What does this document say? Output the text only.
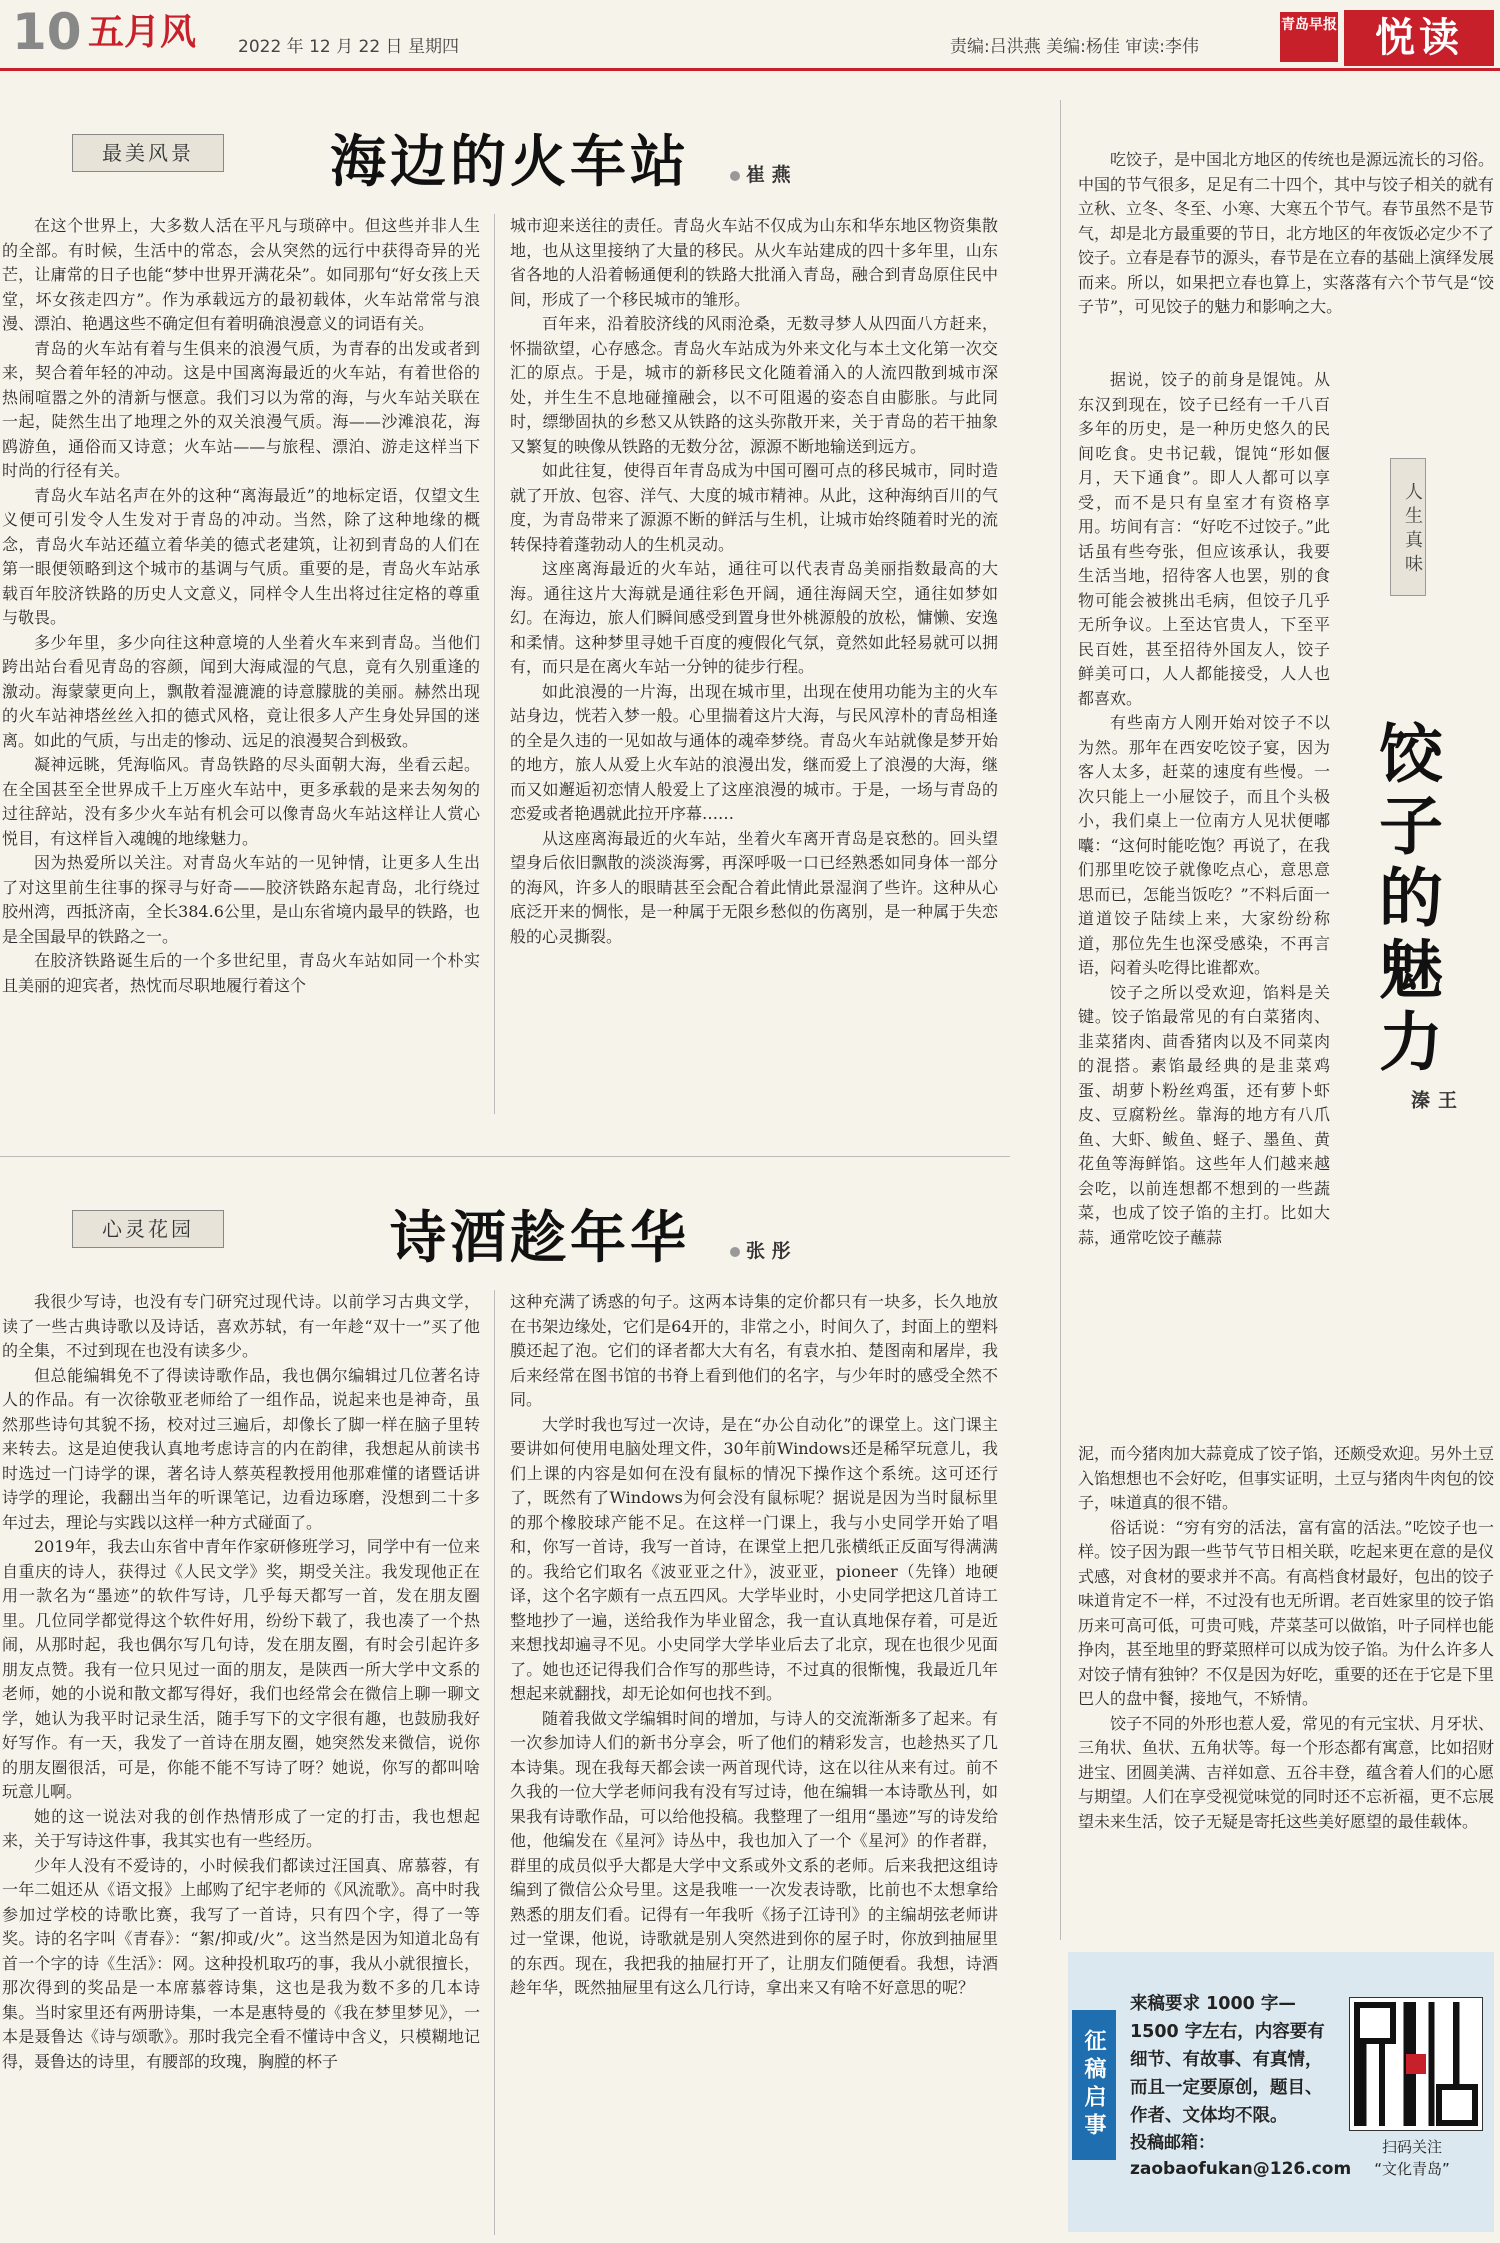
10 五月风 2022 年 12 月 22 日 星期四	责编:吕洪燕 美编:杨佳 审读:李伟
青岛早报 悦读
最美风景	海边的火车站	崔 燕

在这个世界上，大多数人活在平凡与琐碎中。但这些并非人生的全部。有时候，生活中的常态，会从突然的远行中获得奇异的光芒，让庸常的日子也能“梦中世界开满花朵”。如同那句“好女孩上天堂，坏女孩走四方”。作为承载远方的最初载体，火车站常常与浪漫、漂泊、艳遇这些不确定但有着明确浪漫意义的词语有关。

青岛的火车站有着与生俱来的浪漫气质，为青春的出发或者到来，契合着年轻的冲动。这是中国离海最近的火车站，有着世俗的热闹喧嚣之外的清新与惬意。我们习以为常的海，与火车站关联在一起，陡然生出了地理之外的双关浪漫气质。海——沙滩浪花，海鸥游鱼，通俗而又诗意；火车站——与旅程、漂泊、游走这样当下时尚的行径有关。

青岛火车站名声在外的这种“离海最近”的地标定语，仅望文生义便可引发令人生发对于青岛的冲动。当然，除了这种地缘的概念，青岛火车站还蕴立着华美的德式老建筑，让初到青岛的人们在第一眼便领略到这个城市的基调与气质。重要的是，青岛火车站承载百年胶济铁路的历史人文意义，同样令人生出将过往定格的尊重与敬畏。

多少年里，多少向往这种意境的人坐着火车来到青岛。当他们跨出站台看见青岛的容颜，闻到大海咸湿的气息，竟有久别重逢的激动。海蒙蒙更向上，飘散着湿漉漉的诗意朦胧的美丽。赫然出现的火车站神塔丝丝入扣的德式风格，竟让很多人产生身处异国的迷离。如此的气质，与出走的惨动、远足的浪漫契合到极致。

凝神远眺，凭海临风。青岛铁路的尽头面朝大海，坐看云起。在全国甚至全世界成千上万座火车站中，更多承载的是来去匆匆的过往辞站，没有多少火车站有机会可以像青岛火车站这样让人赏心悦目，有这样旨入魂魄的地缘魅力。

因为热爱所以关注。对青岛火车站的一见钟情，让更多人生出了对这里前生往事的探寻与好奇——胶济铁路东起青岛，北行绕过胶州湾，西抵济南，全长384.6公里，是山东省境内最早的铁路，也是全国最早的铁路之一。

在胶济铁路诞生后的一个多世纪里，青岛火车站如同一个朴实且美丽的迎宾者，热忱而尽职地履行着这个

城市迎来送往的责任。青岛火车站不仅成为山东和华东地区物资集散地，也从这里接纳了大量的移民。从火车站建成的四十多年里，山东省各地的人沿着畅通便利的铁路大批涌入青岛，融合到青岛原住民中间，形成了一个移民城市的雏形。

百年来，沿着胶济线的风雨沧桑，无数寻梦人从四面八方赶来，怀揣欲望，心存感念。青岛火车站成为外来文化与本土文化第一次交汇的原点。于是，城市的新移民文化随着涌入的人流四散到城市深处，并生生不息地碰撞融会，以不可阻遏的姿态自由膨胀。与此同时，缥缈固执的乡愁又从铁路的这头弥散开来，关于青岛的若干抽象又繁复的映像从铁路的无数分岔，源源不断地输送到远方。

如此往复，使得百年青岛成为中国可圈可点的移民城市，同时造就了开放、包容、洋气、大度的城市精神。从此，这种海纳百川的气度，为青岛带来了源源不断的鲜活与生机，让城市始终随着时光的流转保持着蓬勃动人的生机灵动。

这座离海最近的火车站，通往可以代表青岛美丽指数最高的大海。通往这片大海就是通往彩色开阔，通往海阔天空，通往如梦如幻。在海边，旅人们瞬间感受到置身世外桃源般的放松，慵懒、安逸和柔情。这种梦里寻她千百度的瘦假化气氛，竟然如此轻易就可以拥有，而只是在离火车站一分钟的徒步行程。

如此浪漫的一片海，出现在城市里，出现在使用功能为主的火车站身边，恍若入梦一般。心里揣着这片大海，与民风淳朴的青岛相逢的全是久违的一见如故与通体的魂牵梦绕。青岛火车站就像是梦开始的地方，旅人从爱上火车站的浪漫出发，继而爱上了浪漫的大海，继而又如邂逅初恋情人般爱上了这座浪漫的城市。于是，一场与青岛的恋爱或者艳遇就此拉开序幕……

从这座离海最近的火车站，坐着火车离开青岛是哀愁的。回头望望身后依旧飘散的淡淡海雾，再深呼吸一口已经熟悉如同身体一部分的海风，许多人的眼睛甚至会配合着此情此景湿润了些许。这种从心底泛开来的惆怅，是一种属于无限乡愁似的伤离别，是一种属于失恋般的心灵撕裂。

心灵花园	诗酒趁年华	张 彤

我很少写诗，也没有专门研究过现代诗。以前学习古典文学，读了一些古典诗歌以及诗话，喜欢苏轼，有一年趁“双十一”买了他的全集，不过到现在也没有读多少。

但总能编辑免不了得读诗歌作品，我也偶尔编辑过几位著名诗人的作品。有一次徐敬亚老师给了一组作品，说起来也是神奇，虽然那些诗句其貌不扬，校对过三遍后，却像长了脚一样在脑子里转来转去。这是迫使我认真地考虑诗言的内在韵律，我想起从前读书时选过一门诗学的课，著名诗人蔡英程教授用他那难懂的诸暨话讲诗学的理论，我翻出当年的听课笔记，边看边琢磨，没想到二十多年过去，理论与实践以这样一种方式碰面了。

2019年，我去山东省中青年作家研修班学习，同学中有一位来自重庆的诗人，获得过《人民文学》奖，期受关注。我发现他正在用一款名为“墨迹”的软件写诗，几乎每天都写一首，发在朋友圈里。几位同学都觉得这个软件好用，纷纷下载了，我也凑了一个热闹，从那时起，我也偶尔写几句诗，发在朋友圈，有时会引起许多朋友点赞。我有一位只见过一面的朋友，是陕西一所大学中文系的老师，她的小说和散文都写得好，我们也经常会在微信上聊一聊文学，她认为我平时记录生活，随手写下的文字很有趣，也鼓励我好好写作。有一天，我发了一首诗在朋友圈，她突然发来微信，说你的朋友圈很活，可是，你能不能不写诗了呀？她说，你写的都叫啥玩意儿啊。

她的这一说法对我的创作热情形成了一定的打击，我也想起来，关于写诗这件事，我其实也有一些经历。

少年人没有不爱诗的，小时候我们都读过汪国真、席慕蓉，有一年二姐还从《语文报》上邮购了纪宇老师的《风流歌》。高中时我参加过学校的诗歌比赛，我写了一首诗，只有四个字，得了一等奖。诗的名字叫《青春》：“絮/抑或/火”。这当然是因为知道北岛有首一个字的诗《生活》：网。这种投机取巧的事，我从小就很擅长，那次得到的奖品是一本席慕蓉诗集，这也是我为数不多的几本诗集。当时家里还有两册诗集，一本是惠特曼的《我在梦里梦见》，一本是聂鲁达《诗与颂歌》。那时我完全看不懂诗中含义，只模糊地记得，聂鲁达的诗里，有腰部的玫瑰，胸膛的杯子

这种充满了诱惑的句子。这两本诗集的定价都只有一块多，长久地放在书架边缘处，它们是64开的，非常之小，时间久了，封面上的塑料膜还起了泡。它们的译者都大大有名，有袁水拍、楚图南和屠岸，我后来经常在图书馆的书脊上看到他们的名字，与少年时的感受全然不同。

大学时我也写过一次诗，是在“办公自动化”的课堂上。这门课主要讲如何使用电脑处理文件，30年前Windows还是稀罕玩意儿，我们上课的内容是如何在没有鼠标的情况下操作这个系统。这可还行了，既然有了Windows为何会没有鼠标呢？据说是因为当时鼠标里的那个橡胶球产能不足。在这样一门课上，我与小史同学开始了唱和，你写一首诗，我写一首诗，在课堂上把几张横纸正反面写得满满的。我给它们取名《波亚亚之什》，波亚亚，pioneer（先锋）地硬译，这个名字颇有一点五四风。大学毕业时，小史同学把这几首诗工整地抄了一遍，送给我作为毕业留念，我一直认真地保存着，可是近来想找却遍寻不见。小史同学大学毕业后去了北京，现在也很少见面了。她也还记得我们合作写的那些诗，不过真的很惭愧，我最近几年想起来就翻找，却无论如何也找不到。

随着我做文学编辑时间的增加，与诗人的交流渐渐多了起来。有一次参加诗人们的新书分享会，听了他们的精彩发言，也趁热买了几本诗集。现在我每天都会读一两首现代诗，这在以往从来有过。前不久我的一位大学老师问我有没有写过诗，他在编辑一本诗歌丛刊，如果我有诗歌作品，可以给他投稿。我整理了一组用“墨迹”写的诗发给他，他编发在《星河》诗丛中，我也加入了一个《星河》的作者群，群里的成员似乎大都是大学中文系或外文系的老师。后来我把这组诗编到了微信公众号里。这是我唯一一次发表诗歌，比前也不太想拿给熟悉的朋友们看。记得有一年我听《扬子江诗刊》的主编胡弦老师讲过一堂课，他说，诗歌就是别人突然进到你的屋子时，你放到抽屉里的东西。现在，我把我的抽屉打开了，让朋友们随便看。我想，诗酒趁年华，既然抽屉里有这么几行诗，拿出来又有啥不好意思的呢？

吃饺子，是中国北方地区的传统也是源远流长的习俗。中国的节气很多，足足有二十四个，其中与饺子相关的就有立秋、立冬、冬至、小寒、大寒五个节气。春节虽然不是节气，却是北方最重要的节日，北方地区的年夜饭必定少不了饺子。立春是春节的源头，春节是在立春的基础上演绎发展而来。所以，如果把立春也算上，实落落有六个节气是“饺子节”，可见饺子的魅力和影响之大。

据说，饺子的前身是馄饨。从东汉到现在，饺子已经有一千八百多年的历史，是一种历史悠久的民间吃食。史书记载，馄饨“形如偃月，天下通食”。即人人都可以享受，而不是只有皇室才有资格享用。坊间有言：“好吃不过饺子。”此话虽有些夸张，但应该承认，我要生活当地，招待客人也罢，别的食物可能会被挑出毛病，但饺子几乎无所争议。上至达官贵人，下至平民百姓，甚至招待外国友人，饺子鲜美可口，人人都能接受，人人也都喜欢。

有些南方人刚开始对饺子不以为然。那年在西安吃饺子宴，因为客人太多，赶菜的速度有些慢。一次只能上一小屉饺子，而且个头极小，我们桌上一位南方人见状便嘟囔：“这何时能吃饱？再说了，在我们那里吃饺子就像吃点心，意思意思而已，怎能当饭吃？”不料后面一道道饺子陆续上来，大家纷纷称道，那位先生也深受感染，不再言语，闷着头吃得比谁都欢。

饺子之所以受欢迎，馅料是关键。饺子馅最常见的有白菜猪肉、韭菜猪肉、茴香猪肉以及不同菜肉的混搭。素馅最经典的是韭菜鸡蛋、胡萝卜粉丝鸡蛋，还有萝卜虾皮、豆腐粉丝。靠海的地方有八爪鱼、大虾、鲅鱼、蛏子、墨鱼、黄花鱼等海鲜馅。这些年人们越来越会吃，以前连想都不想到的一些蔬菜，也成了饺子馅的主打。比如大蒜，通常吃饺子蘸蒜

人生真味
饺子的魅力
王 溱

泥，而今猪肉加大蒜竟成了饺子馅，还颇受欢迎。另外土豆入馅想想也不会好吃，但事实证明，土豆与猪肉牛肉包的饺子，味道真的很不错。

俗话说：“穷有穷的活法，富有富的活法。”吃饺子也一样。饺子因为跟一些节气节日相关联，吃起来更在意的是仪式感，对食材的要求并不高。有高档食材最好，包出的饺子味道肯定不一样，不过没有也无所谓。老百姓家里的饺子馅历来可高可低，可贵可贱，芹菜茎可以做馅，叶子同样也能挣肉，甚至地里的野菜照样可以成为饺子馅。为什么许多人对饺子情有独钟？不仅是因为好吃，重要的还在于它是下里巴人的盘中餐，接地气，不矫情。

饺子不同的外形也惹人爱，常见的有元宝状、月牙状、三角状、鱼状、五角状等。每一个形态都有寓意，比如招财进宝、团圆美满、吉祥如意、五谷丰登，蕴含着人们的心愿与期望。人们在享受视觉味觉的同时还不忘祈福，更不忘展望未来生活，饺子无疑是寄托这些美好愿望的最佳载体。

征稿启事
来稿要求 1000 字—1500 字左右，内容要有细节、有故事、有真情，而且一定要原创，题目、作者、文体均不限。
投稿邮箱：zaobaofukan@126.com
扫码关注
“文化青岛”
